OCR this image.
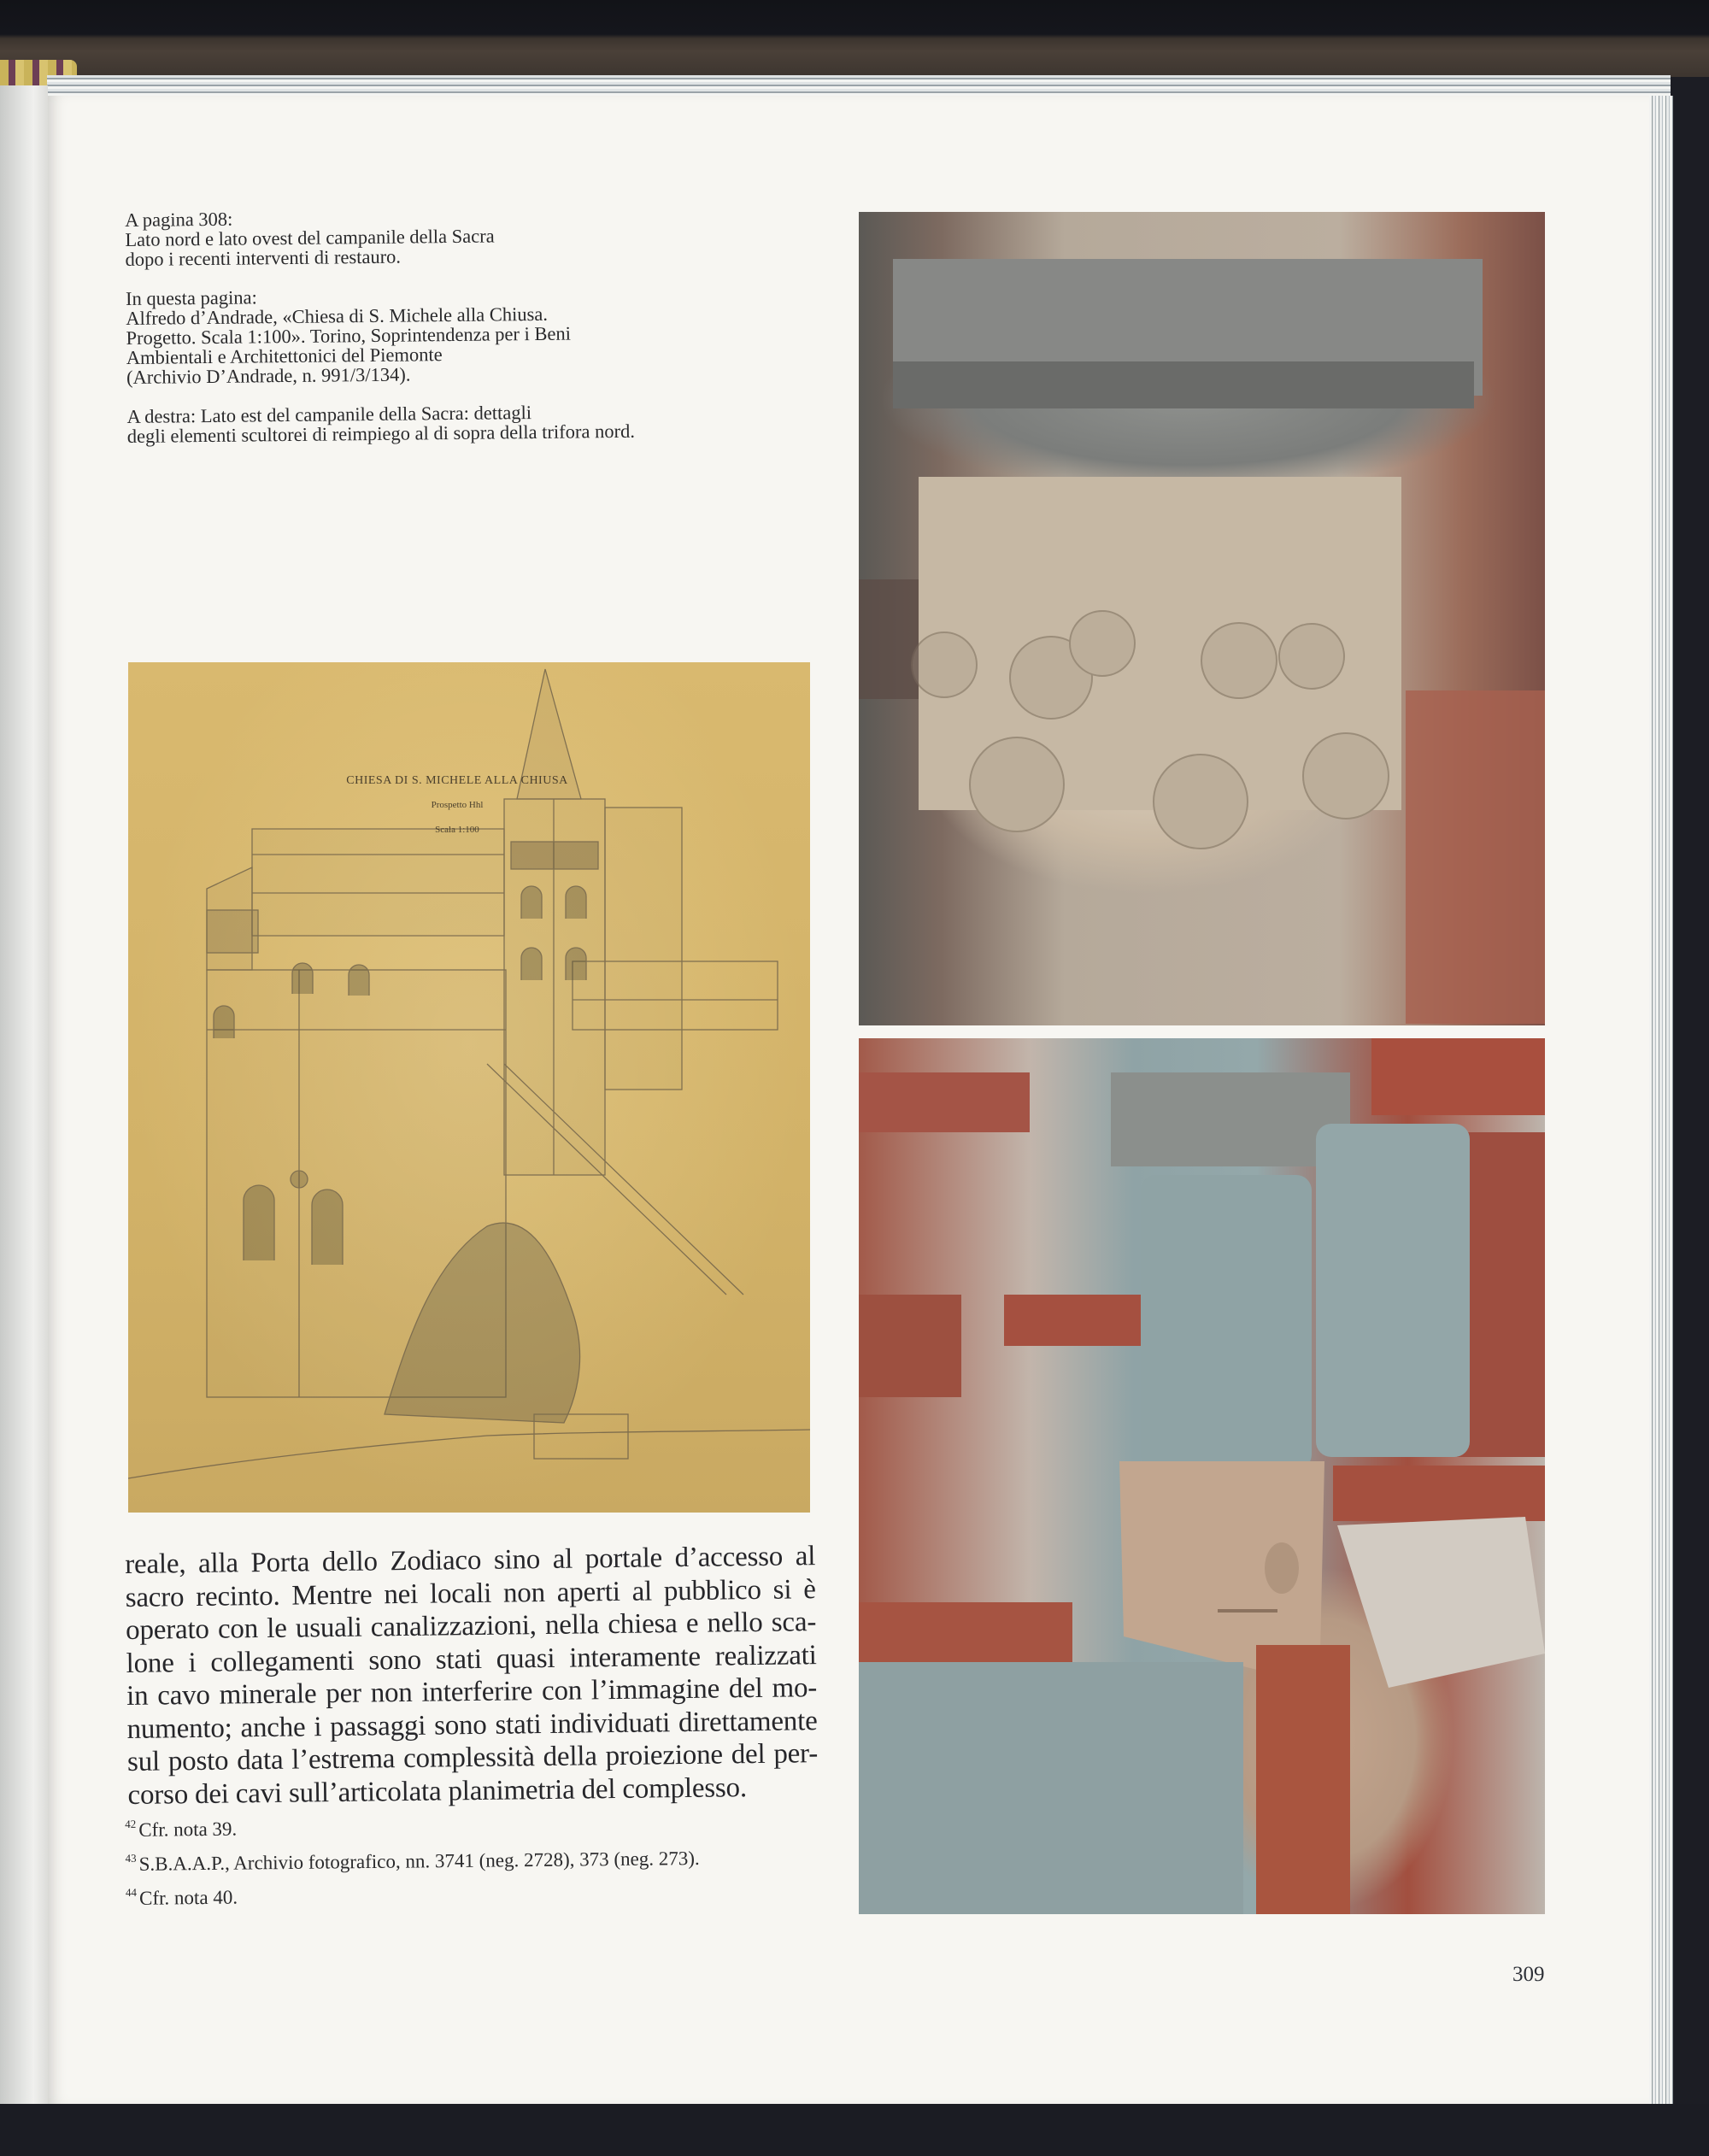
A pagina 308:
Lato nord e lato ovest del campanile della Sacra
dopo i recenti interventi di restauro.

In questa pagina:
Alfredo d’Andrade, «Chiesa di S. Michele alla Chiusa.
Progetto. Scala 1:100». Torino, Soprintendenza per i Beni
Ambientali e Architettonici del Piemonte
(Archivio D’Andrade, n. 991/3/134).

A destra: Lato est del campanile della Sacra: dettagli
degli elementi scultorei di reimpiego al di sopra della trifora nord.

CHIESA DI S. MICHELE ALLA CHIUSA
Prospetto Hhl
Scala 1:100
reale, alla Porta dello Zodiaco sino al portale d’accesso al
sacro recinto. Mentre nei locali non aperti al pubblico si è
operato con le usuali canalizzazioni, nella chiesa e nello sca-
lone i collegamenti sono stati quasi interamente realizzati
in cavo minerale per non interferire con l’immagine del mo-
numento; anche i passaggi sono stati individuati direttamente
sul posto data l’estrema complessità della proiezione del per-
corso dei cavi sull’articolata planimetria del complesso.
$^{42}$ Cfr. nota 39.
$^{43}$ S.B.A.A.P., Archivio fotografico, nn. 3741 (neg. 2728), 373 (neg. 273).
$^{44}$ Cfr. nota 40.
309
